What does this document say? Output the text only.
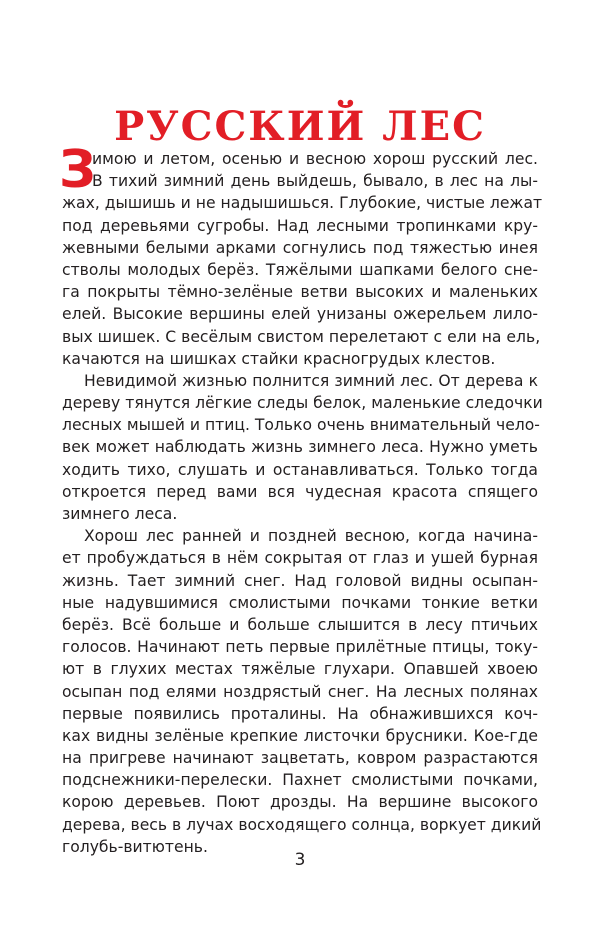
РУССКИЙ ЛЕС
З
имою и летом, осенью и весною хорош русский лес.
В тихий зимний день выйдешь, бывало, в лес на лы-
жах, дышишь и не надышишься. Глубокие, чистые лежат
под деревьями сугробы. Над лесными тропинками кру-
жевными белыми арками согнулись под тяжестью инея
стволы молодых берёз. Тяжёлыми шапками белого сне-
га покрыты тёмно-зелёные ветви высоких и маленьких
елей. Высокие вершины елей унизаны ожерельем лило-
вых шишек. С весёлым свистом перелетают с ели на ель,
качаются на шишках стайки красногрудых клестов.
Невидимой жизнью полнится зимний лес. От дерева к
дереву тянутся лёгкие следы белок, маленькие следочки
лесных мышей и птиц. Только очень внимательный чело-
век может наблюдать жизнь зимнего леса. Нужно уметь
ходить тихо, слушать и останавливаться. Только тогда
откроется перед вами вся чудесная красота спящего
зимнего леса.
Хорош лес ранней и поздней весною, когда начина-
ет пробуждаться в нём сокрытая от глаз и ушей бурная
жизнь. Тает зимний снег. Над головой видны осыпан-
ные надувшимися смолистыми почками тонкие ветки
берёз. Всё больше и больше слышится в лесу птичьих
голосов. Начинают петь первые прилётные птицы, току-
ют в глухих местах тяжёлые глухари. Опавшей хвоею
осыпан под елями ноздрястый снег. На лесных полянах
первые появились проталины. На обнажившихся коч-
ках видны зелёные крепкие листочки брусники. Кое-где
на пригреве начинают зацветать, ковром разрастаются
подснежники-перелески. Пахнет смолистыми почками,
корою деревьев. Поют дрозды. На вершине высокого
дерева, весь в лучах восходящего солнца, воркует дикий
голубь-витютень.
3
